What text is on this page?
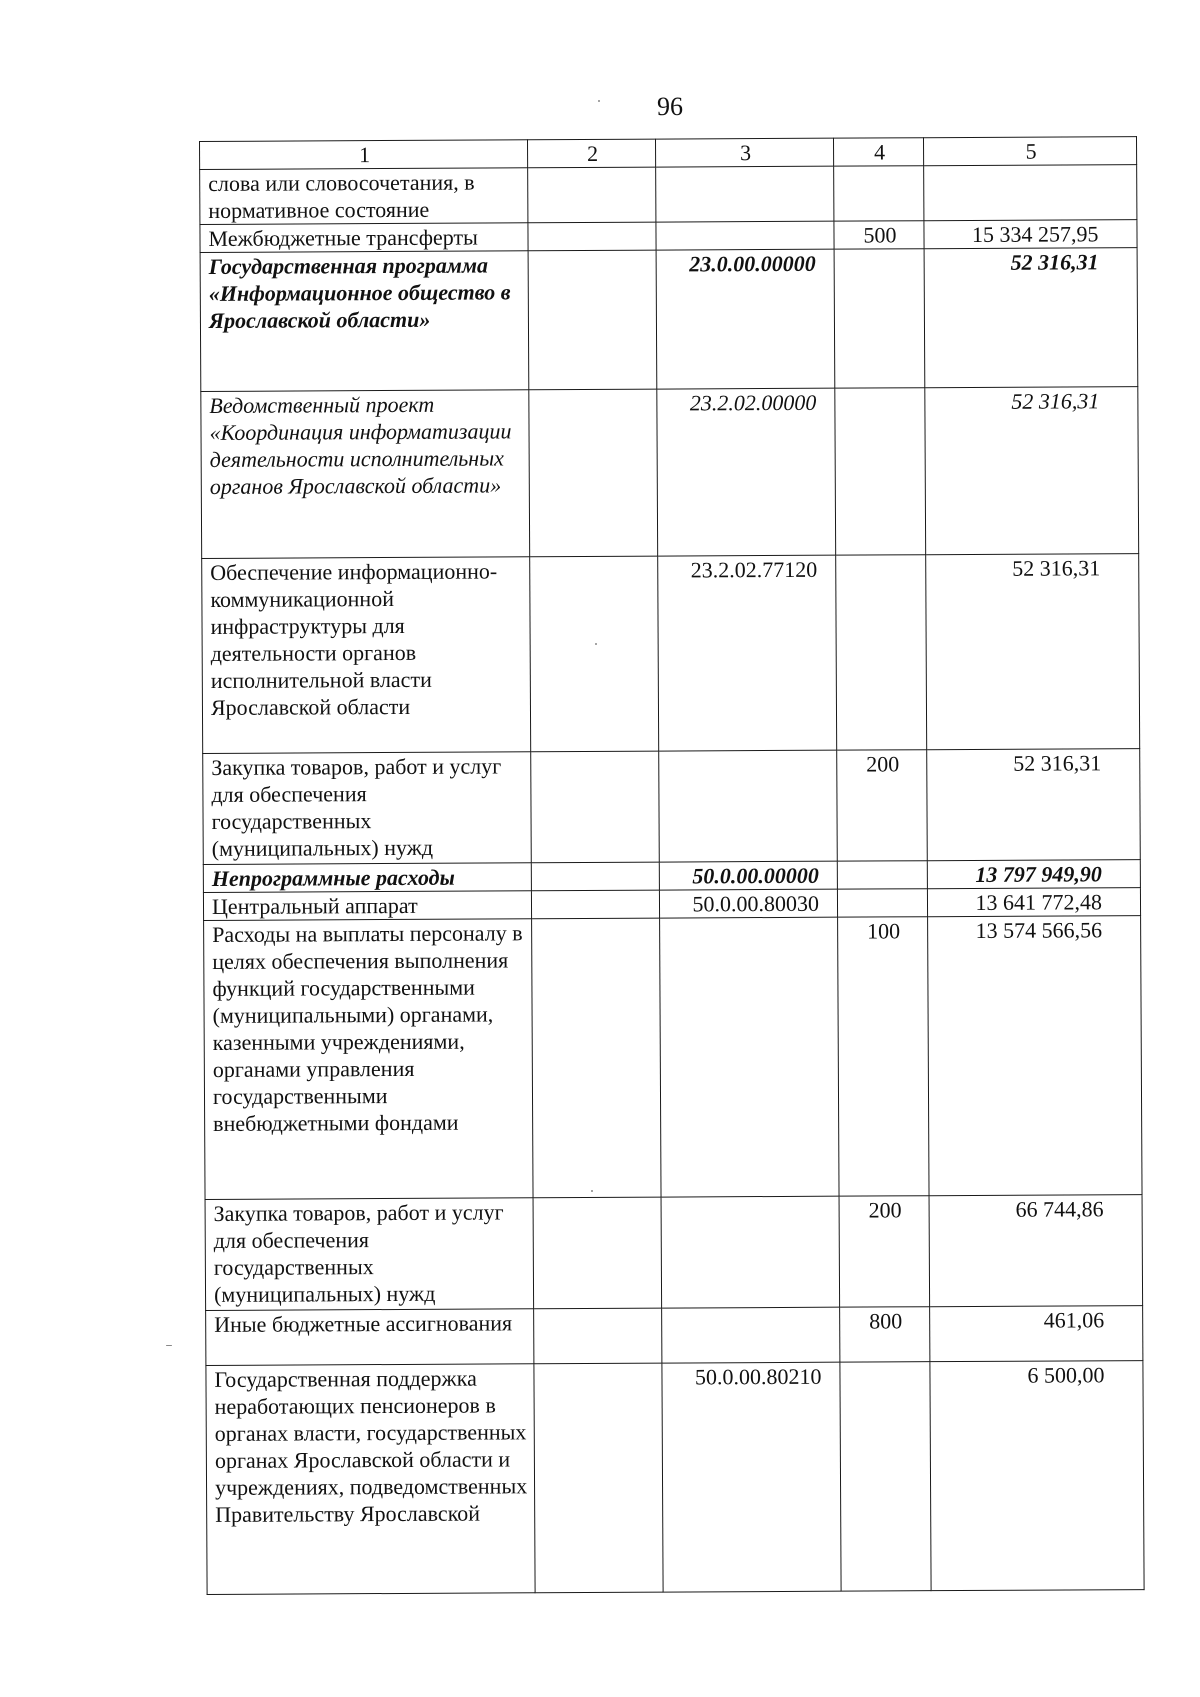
96
1	2	3	4	5
слова или словосочетания, в нормативное состояние				
Межбюджетные трансферты			500	15 334 257,95
Государственная программа «Информационное общество в Ярославской области»		23.0.00.00000		52 316,31
Ведомственный проект «Координация информатизации деятельности исполнительных органов Ярославской области»		23.2.02.00000		52 316,31
Обеспечение информационно-коммуникационной инфраструктуры для деятельности органов исполнительной власти Ярославской области		23.2.02.77120		52 316,31
Закупка товаров, работ и услуг для обеспечения государственных (муниципальных) нужд			200	52 316,31
Непрограммные расходы		50.0.00.00000		13 797 949,90
Центральный аппарат		50.0.00.80030		13 641 772,48
Расходы на выплаты персоналу в целях обеспечения выполнения функций государственными (муниципальными) органами, казенными учреждениями, органами управления государственными внебюджетными фондами			100	13 574 566,56
Закупка товаров, работ и услуг для обеспечения государственных (муниципальных) нужд			200	66 744,86
Иные бюджетные ассигнования			800	461,06
Государственная поддержка неработающих пенсионеров в органах власти, государственных органах Ярославской области и учреждениях, подведомственных Правительству Ярославской		50.0.00.80210		6 500,00
